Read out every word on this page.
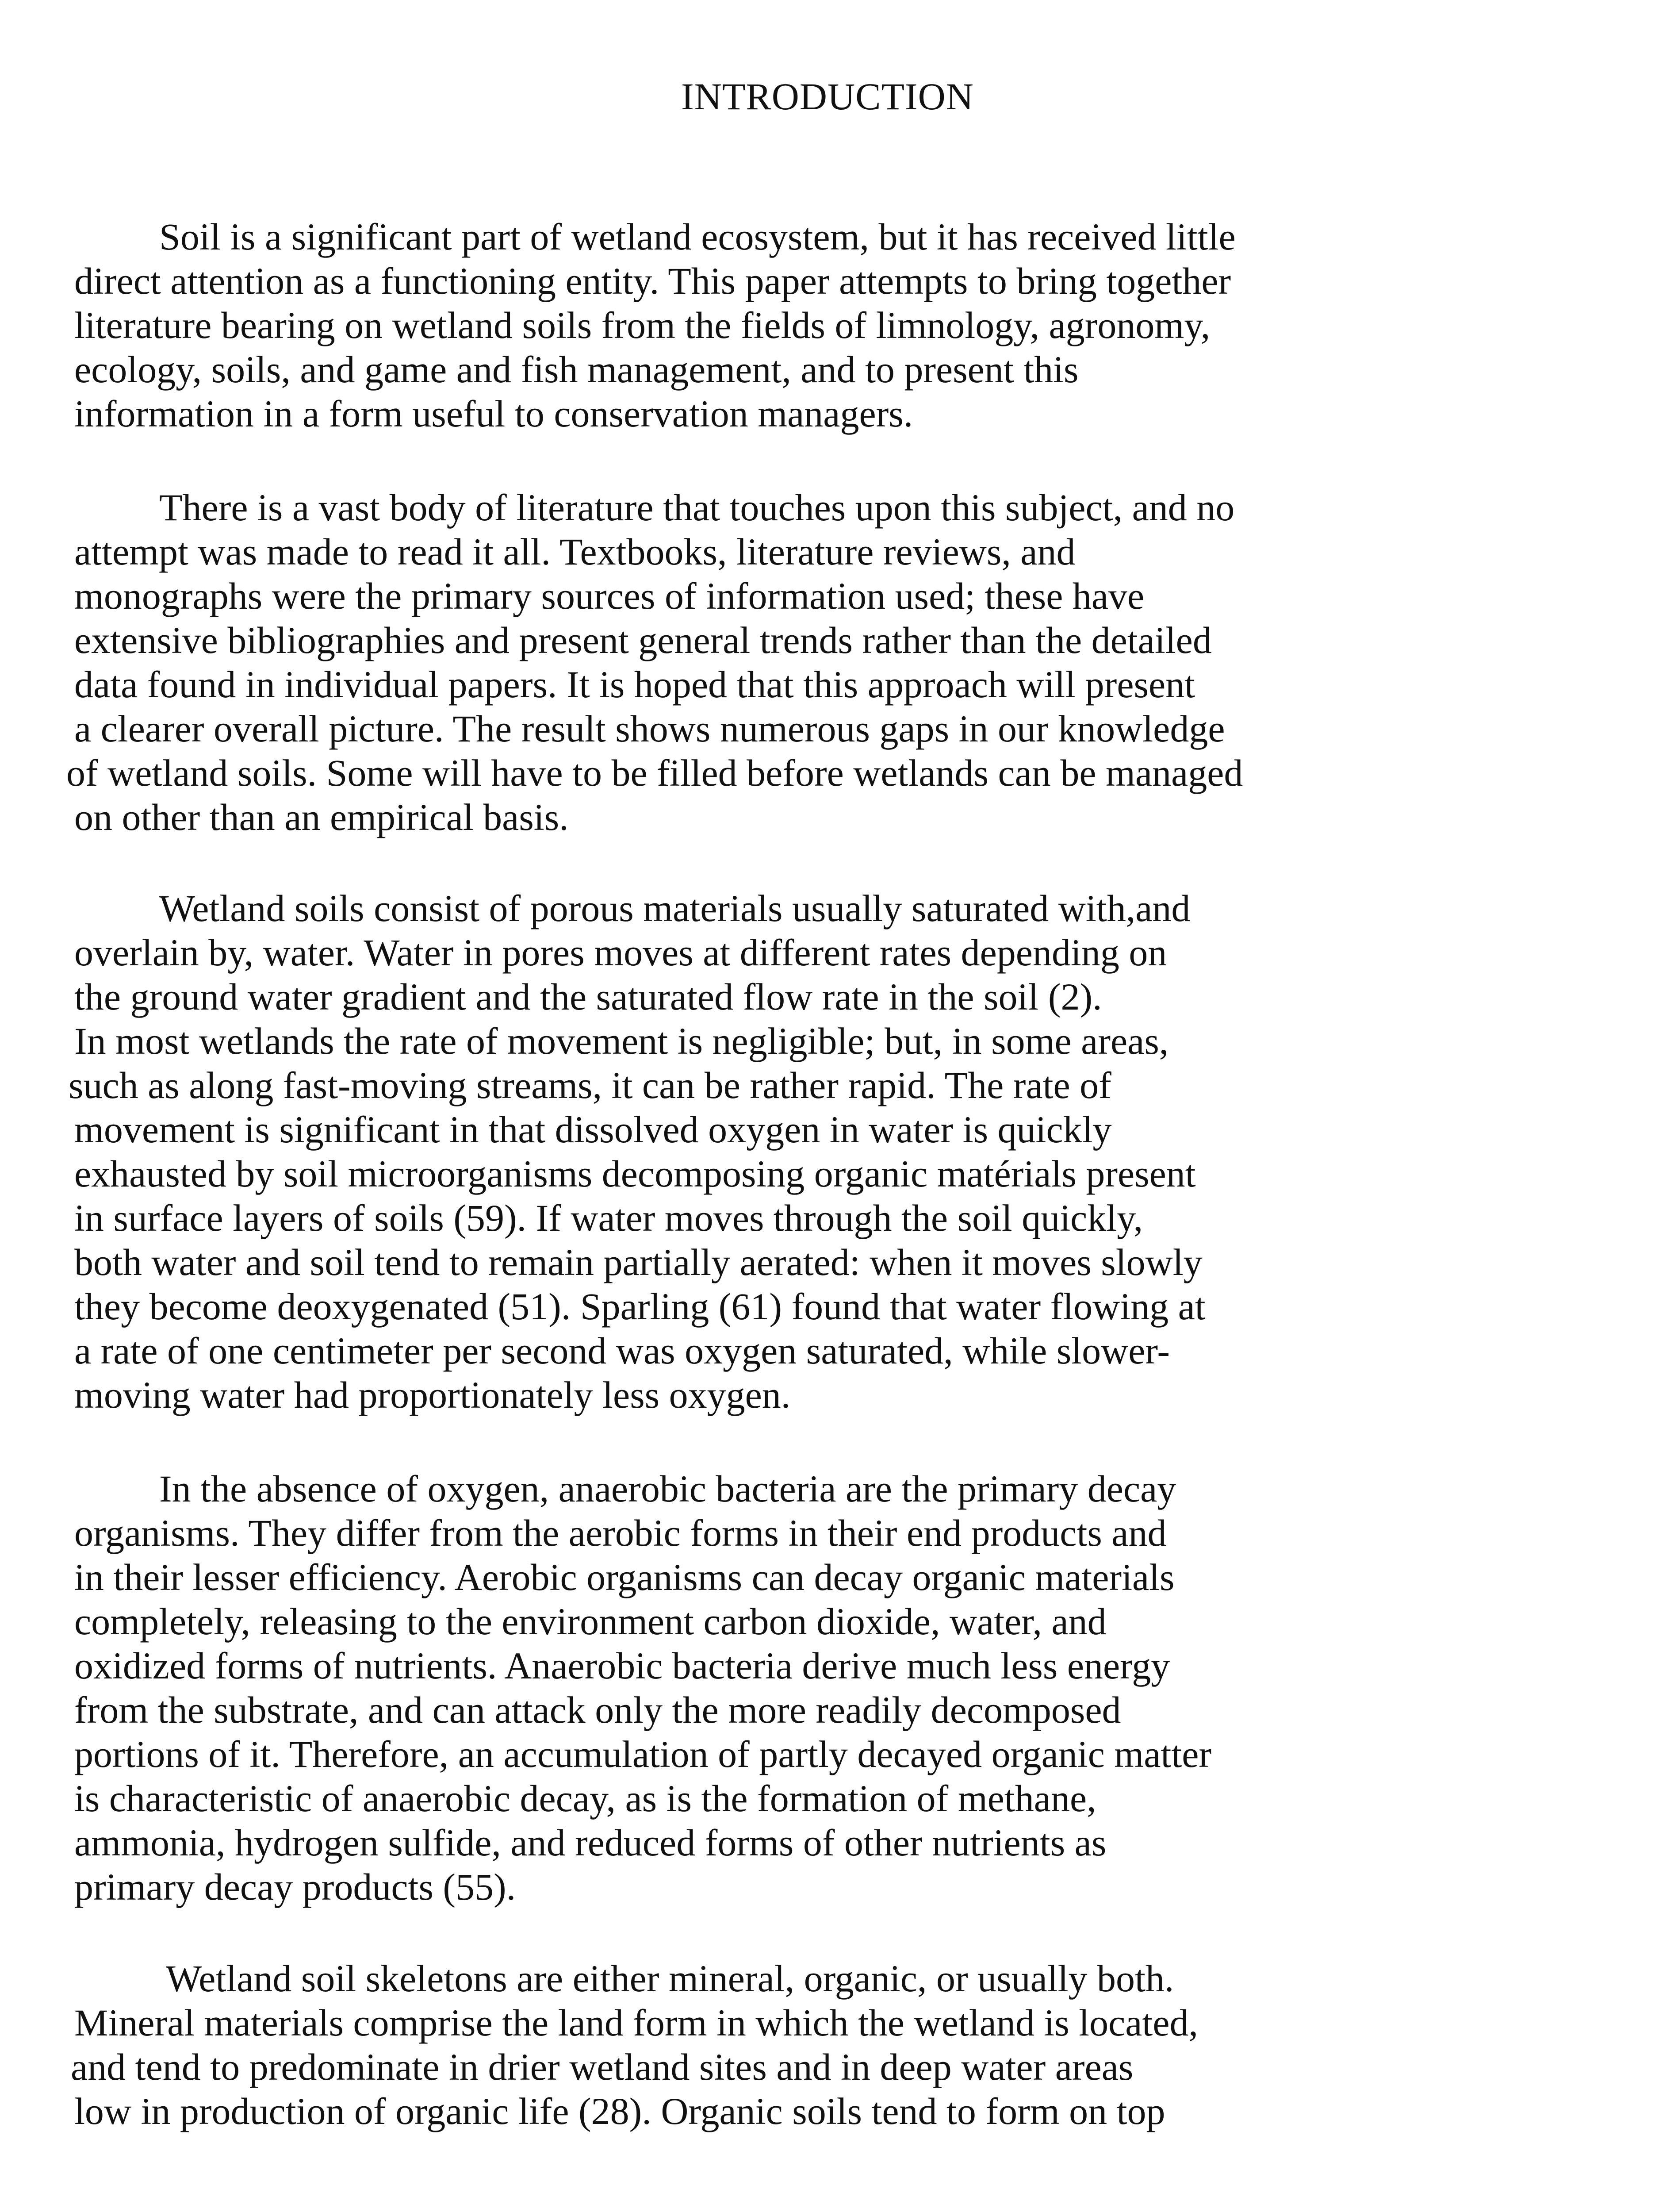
INTRODUCTION
Soil is a significant part of wetland ecosystem, but it has received little
direct attention as a functioning entity. This paper attempts to bring together
literature bearing on wetland soils from the fields of limnology, agronomy,
ecology, soils, and game and fish management, and to present this
information in a form useful to conservation managers.
There is a vast body of literature that touches upon this subject, and no
attempt was made to read it all. Textbooks, literature reviews, and
monographs were the primary sources of information used; these have
extensive bibliographies and present general trends rather than the detailed
data found in individual papers. It is hoped that this approach will present
a clearer overall picture. The result shows numerous gaps in our knowledge
of wetland soils. Some will have to be filled before wetlands can be managed
on other than an empirical basis.
Wetland soils consist of porous materials usually saturated with,and
overlain by, water. Water in pores moves at different rates depending on
the ground water gradient and the saturated flow rate in the soil (2).
In most wetlands the rate of movement is negligible; but, in some areas,
such as along fast-moving streams, it can be rather rapid. The rate of
movement is significant in that dissolved oxygen in water is quickly
exhausted by soil microorganisms decomposing organic matérials present
in surface layers of soils (59). If water moves through the soil quickly,
both water and soil tend to remain partially aerated: when it moves slowly
they become deoxygenated (51). Sparling (61) found that water flowing at
a rate of one centimeter per second was oxygen saturated, while slower-
moving water had proportionately less oxygen.
In the absence of oxygen, anaerobic bacteria are the primary decay
organisms. They differ from the aerobic forms in their end products and
in their lesser efficiency. Aerobic organisms can decay organic materials
completely, releasing to the environment carbon dioxide, water, and
oxidized forms of nutrients. Anaerobic bacteria derive much less energy
from the substrate, and can attack only the more readily decomposed
portions of it. Therefore, an accumulation of partly decayed organic matter
is characteristic of anaerobic decay, as is the formation of methane,
ammonia, hydrogen sulfide, and reduced forms of other nutrients as
primary decay products (55).
Wetland soil skeletons are either mineral, organic, or usually both.
Mineral materials comprise the land form in which the wetland is located,
and tend to predominate in drier wetland sites and in deep water areas
low in production of organic life (28). Organic soils tend to form on top
